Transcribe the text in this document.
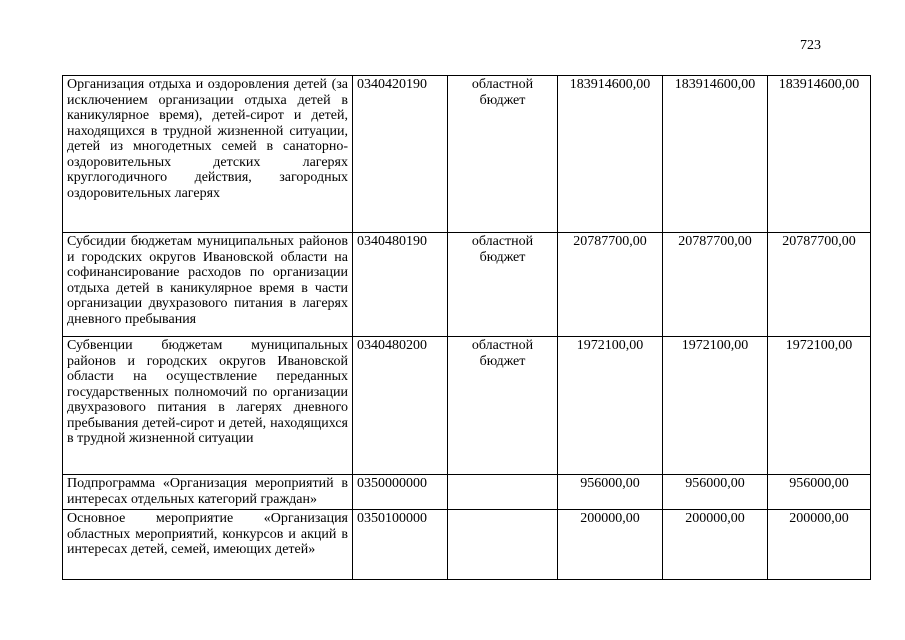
723
Организация отдыха и оздоровления детей (за исключением организации отдыха детей в каникулярное время), детей-сирот и детей, находящихся в трудной жизненной ситуации, детей из многодетных семей в санаторно-оздоровительных детских лагерях круглогодичного действия, загородных оздоровительных лагерях	0340420190	областной бюджет	183914600,00	183914600,00	183914600,00
Субсидии бюджетам муниципальных районов и городских округов Ивановской области на софинансирование расходов по организации отдыха детей в каникулярное время в части организации двухразового питания в лагерях дневного пребывания	0340480190	областной бюджет	20787700,00	20787700,00	20787700,00
Субвенции бюджетам муниципальных районов и городских округов Ивановской области на осуществление переданных государственных полномочий по организации двухразового питания в лагерях дневного пребывания детей-сирот и детей, находящихся в трудной жизненной ситуации	0340480200	областной бюджет	1972100,00	1972100,00	1972100,00
Подпрограмма «Организация мероприятий в интересах отдельных категорий граждан»	0350000000		956000,00	956000,00	956000,00
Основное мероприятие «Организация областных мероприятий, конкурсов и акций в интересах детей, семей, имеющих детей»	0350100000		200000,00	200000,00	200000,00
